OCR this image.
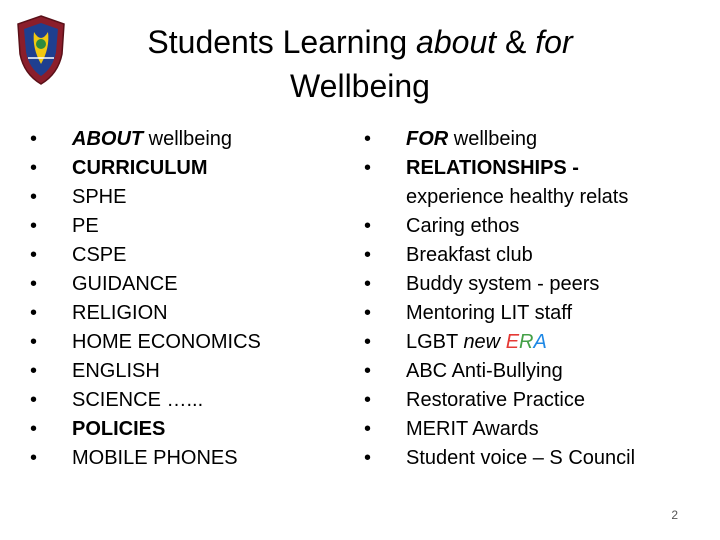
Students Learning about & for
Wellbeing
• ABOUT wellbeing
• CURRICULUM
• SPHE
• PE
• CSPE
• GUIDANCE
• RELIGION
• HOME ECONOMICS
• ENGLISH
• SCIENCE …...
• POLICIES
• MOBILE PHONES
• FOR wellbeing
• RELATIONSHIPS -
experience healthy relats
• Caring ethos
• Breakfast club
• Buddy system - peers
• Mentoring LIT staff
• LGBT new ERA
• ABC Anti-Bullying
• Restorative Practice
• MERIT Awards
• Student voice – S Council
2
